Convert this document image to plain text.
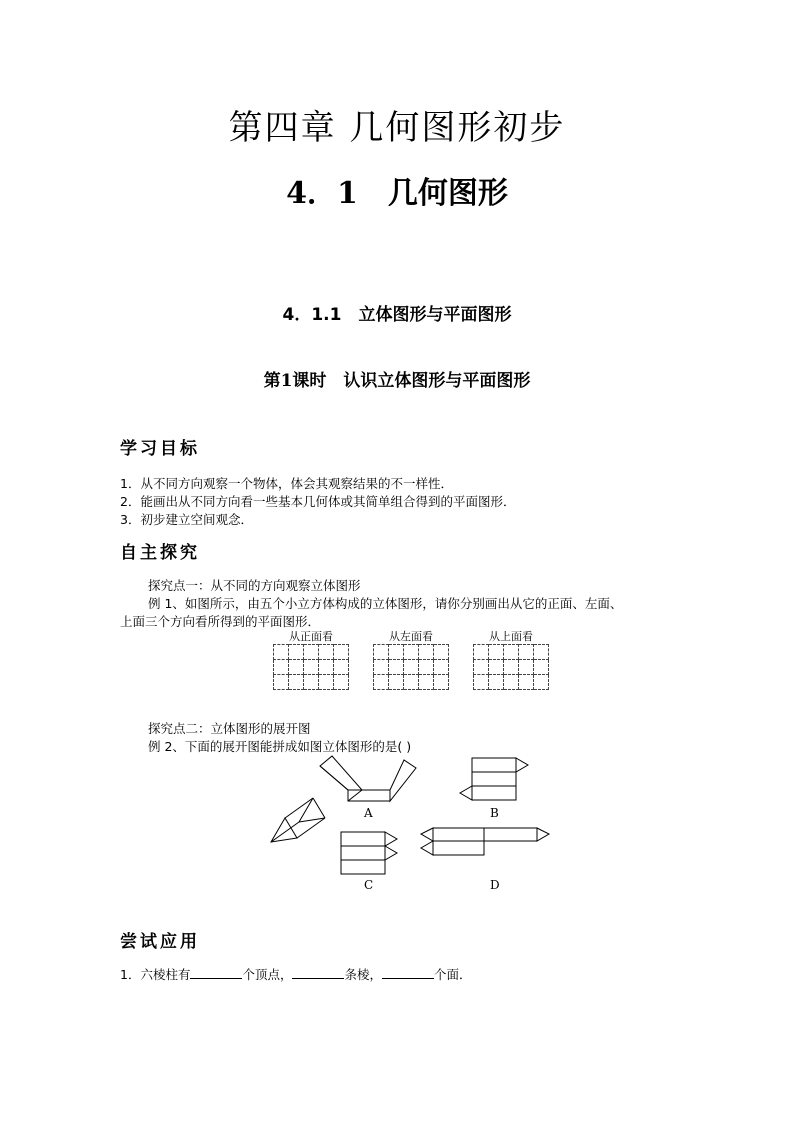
第四章 几何图形初步
4．1　几何图形
4．1.1　立体图形与平面图形
第1课时　认识立体图形与平面图形
学习目标
1．从不同方向观察一个物体，体会其观察结果的不一样性．
2．能画出从不同方向看一些基本几何体或其简单组合得到的平面图形．
3．初步建立空间观念．
自主探究
探究点一：从不同的方向观察立体图形
例 1、如图所示，由五个小立方体构成的立体图形，请你分别画出从它的正面、左面、
上面三个方向看所得到的平面图形．
从正面看	从左面看	从上面看

探究点二：立体图形的展开图
例 2、下面的展开图能拼成如图立体图形的是( )
A	B
C	D
尝试应用
1．六棱柱有	个顶点，	条棱，	个面．
